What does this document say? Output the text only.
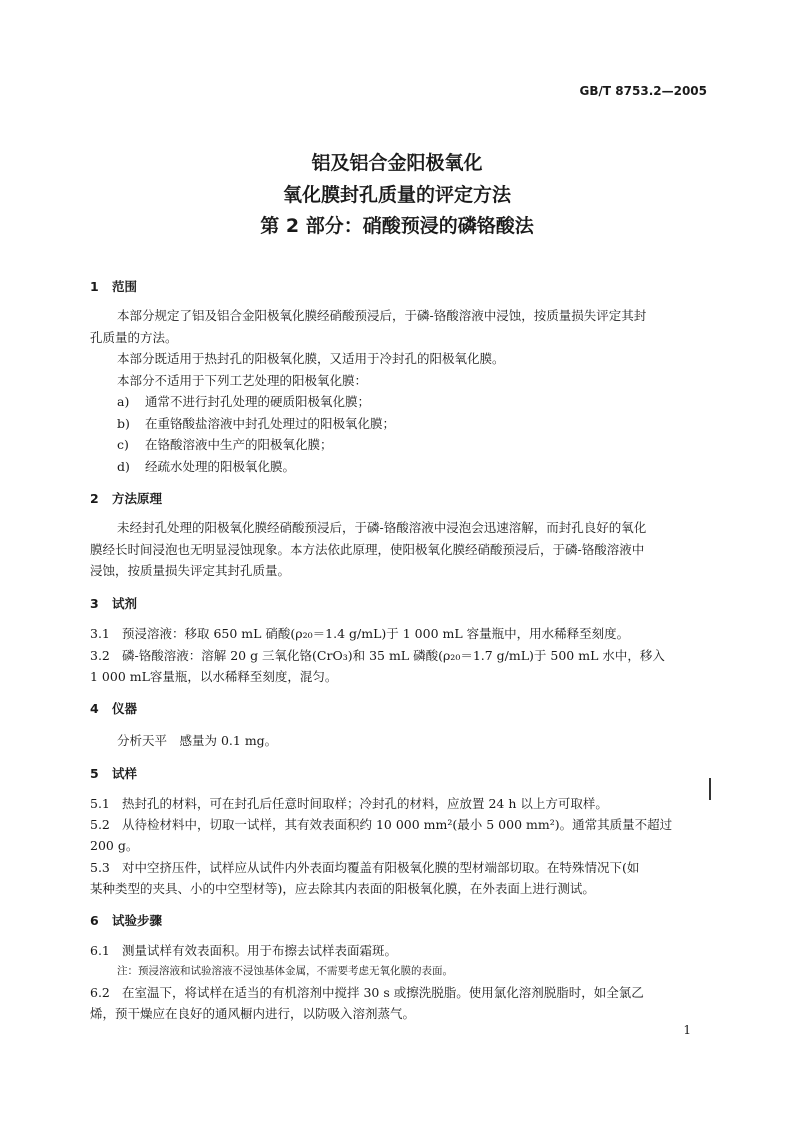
GB/T 8753.2—2005
铝及铝合金阳极氧化
氧化膜封孔质量的评定方法
第 2 部分：硝酸预浸的磷铬酸法
1 范围
本部分规定了铝及铝合金阳极氧化膜经硝酸预浸后，于磷-铬酸溶液中浸蚀，按质量损失评定其封
孔质量的方法。
本部分既适用于热封孔的阳极氧化膜，又适用于冷封孔的阳极氧化膜。
本部分不适用于下列工艺处理的阳极氧化膜：
a) 通常不进行封孔处理的硬质阳极氧化膜；
b) 在重铬酸盐溶液中封孔处理过的阳极氧化膜；
c) 在铬酸溶液中生产的阳极氧化膜；
d) 经疏水处理的阳极氧化膜。
2 方法原理
未经封孔处理的阳极氧化膜经硝酸预浸后，于磷-铬酸溶液中浸泡会迅速溶解，而封孔良好的氧化
膜经长时间浸泡也无明显浸蚀现象。本方法依此原理，使阳极氧化膜经硝酸预浸后，于磷-铬酸溶液中
浸蚀，按质量损失评定其封孔质量。
3 试剂
3.1 预浸溶液：移取 650 mL 硝酸(ρ₂₀＝1.4 g/mL)于 1 000 mL 容量瓶中，用水稀释至刻度。
3.2 磷-铬酸溶液：溶解 20 g 三氧化铬(CrO₃)和 35 mL 磷酸(ρ₂₀＝1.7 g/mL)于 500 mL 水中，移入
1 000 mL容量瓶，以水稀释至刻度，混匀。
4 仪器
分析天平　感量为 0.1 mg。
5 试样
5.1 热封孔的材料，可在封孔后任意时间取样；冷封孔的材料，应放置 24 h 以上方可取样。
5.2 从待检材料中，切取一试样，其有效表面积约 10 000 mm²(最小 5 000 mm²)。通常其质量不超过
200 g。
5.3 对中空挤压件，试样应从试件内外表面均覆盖有阳极氧化膜的型材端部切取。在特殊情况下(如
某种类型的夹具、小的中空型材等)，应去除其内表面的阳极氧化膜，在外表面上进行测试。
6 试验步骤
6.1 测量试样有效表面积。用于布擦去试样表面霜斑。
注：预浸溶液和试验溶液不浸蚀基体金属，不需要考虑无氧化膜的表面。
6.2 在室温下，将试样在适当的有机溶剂中搅拌 30 s 或擦洗脱脂。使用氯化溶剂脱脂时，如全氯乙
烯，预干燥应在良好的通风橱内进行，以防吸入溶剂蒸气。
1
